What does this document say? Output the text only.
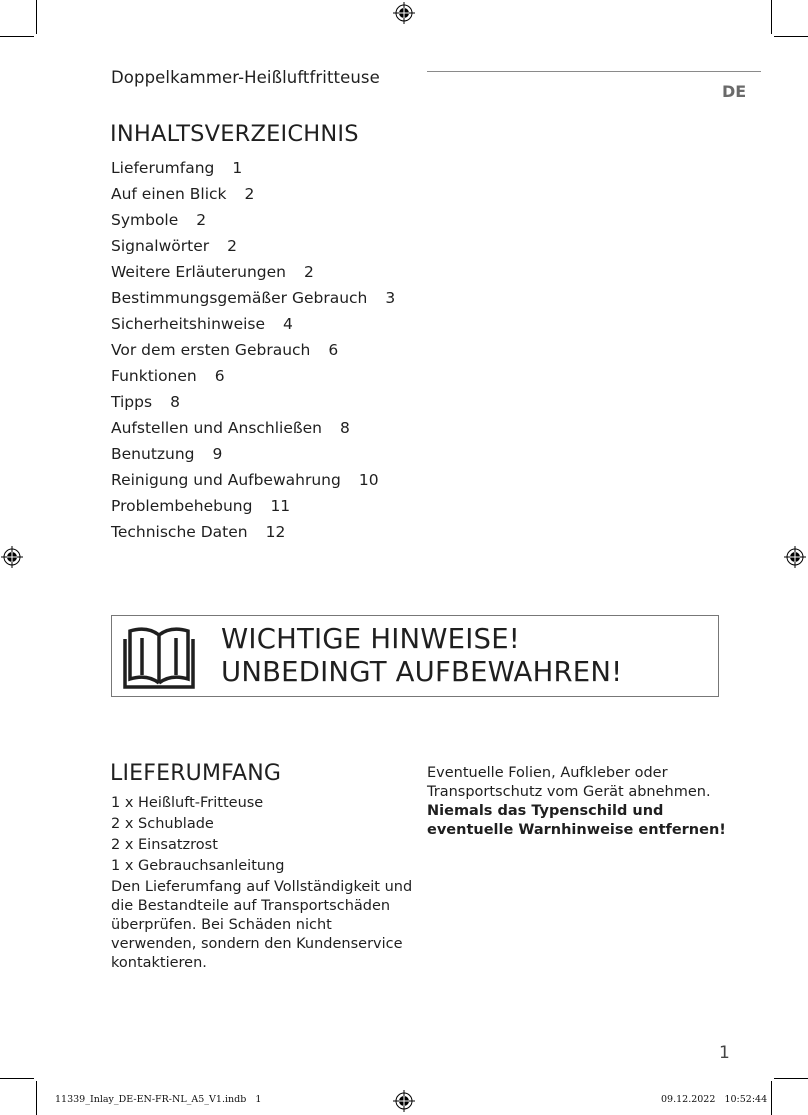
Doppelkammer-Heißluftfritteuse
DE
INHALTSVERZEICHNIS
Lieferumfang 1
Auf einen Blick 2
Symbole 2
Signalwörter 2
Weitere Erläuterungen 2
Bestimmungsgemäßer Gebrauch 3
Sicherheitshinweise 4
Vor dem ersten Gebrauch 6
Funktionen 6
Tipps 8
Aufstellen und Anschließen 8
Benutzung 9
Reinigung und Aufbewahrung 10
Problembehebung 11
Technische Daten 12
WICHTIGE HINWEISE!
UNBEDINGT AUFBEWAHREN!
LIEFERUMFANG
1 x Heißluft-Fritteuse
2 x Schublade
2 x Einsatzrost
1 x Gebrauchsanleitung

Den Lieferumfang auf Vollständigkeit und die Bestandteile auf Transportschäden überprüfen. Bei Schäden nicht verwenden, sondern den Kundenservice kontaktieren.

Eventuelle Folien, Aufkleber oder Transportschutz vom Gerät abnehmen.

Niemals das Typenschild und eventuelle Warnhinweise entfernen!

1
11339_Inlay_DE-EN-FR-NL_A5_V1.indb   1	09.12.2022   10:52:44
